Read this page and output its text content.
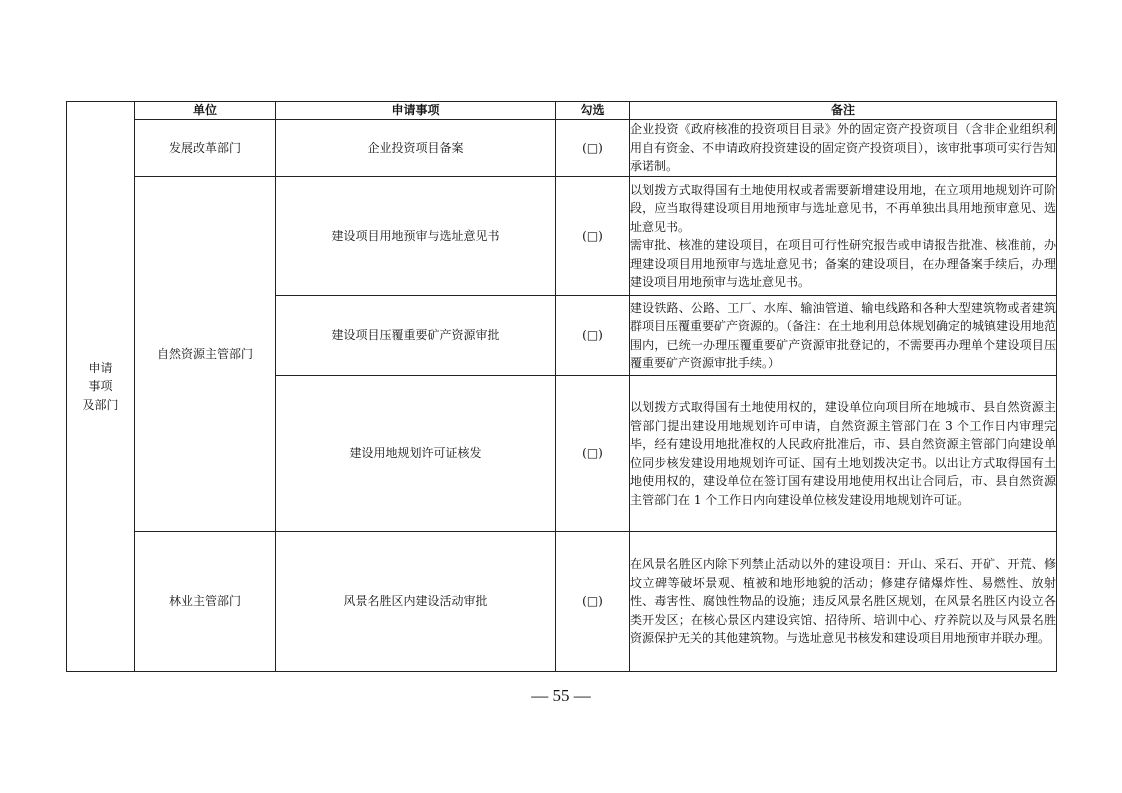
申请
事项
及部门	单位	申请事项	勾选	备注
	发展改革部门	企业投资项目备案	(□)	企业投资《政府核准的投资项目目录》外的固定资产投资项目（含非企业组织利用自有资金、不申请政府投资建设的固定资产投资项目），该审批事项可实行告知承诺制。

	自然资源主管部门	建设项目用地预审与选址意见书	(□)	以划拨方式取得国有土地使用权或者需要新增建设用地，在立项用地规划许可阶段，应当取得建设项目用地预审与选址意见书，不再单独出具用地预审意见、选址意见书。

需审批、核准的建设项目，在项目可行性研究报告或申请报告批准、核准前，办理建设项目用地预审与选址意见书；备案的建设项目，在办理备案手续后，办理建设项目用地预审与选址意见书。

		建设项目压覆重要矿产资源审批	(□)	建设铁路、公路、工厂、水库、输油管道、输电线路和各种大型建筑物或者建筑群项目压覆重要矿产资源的。（备注：在土地利用总体规划确定的城镇建设用地范围内，已统一办理压覆重要矿产资源审批登记的，不需要再办理单个建设项目压覆重要矿产资源审批手续。）

		建设用地规划许可证核发	(□)	以划拨方式取得国有土地使用权的，建设单位向项目所在地城市、县自然资源主管部门提出建设用地规划许可申请，自然资源主管部门在 3 个工作日内审理完毕，经有建设用地批准权的人民政府批准后，市、县自然资源主管部门向建设单位同步核发建设用地规划许可证、国有土地划拨决定书。以出让方式取得国有土地使用权的，建设单位在签订国有建设用地使用权出让合同后，市、县自然资源主管部门在 1 个工作日内向建设单位核发建设用地规划许可证。

	林业主管部门	风景名胜区内建设活动审批	(□)	在风景名胜区内除下列禁止活动以外的建设项目：开山、采石、开矿、开荒、修坟立碑等破坏景观、植被和地形地貌的活动；修建存储爆炸性、易燃性、放射性、毒害性、腐蚀性物品的设施；违反风景名胜区规划，在风景名胜区内设立各类开发区；在核心景区内建设宾馆、招待所、培训中心、疗养院以及与风景名胜资源保护无关的其他建筑物。与选址意见书核发和建设项目用地预审并联办理。

— 55 —
